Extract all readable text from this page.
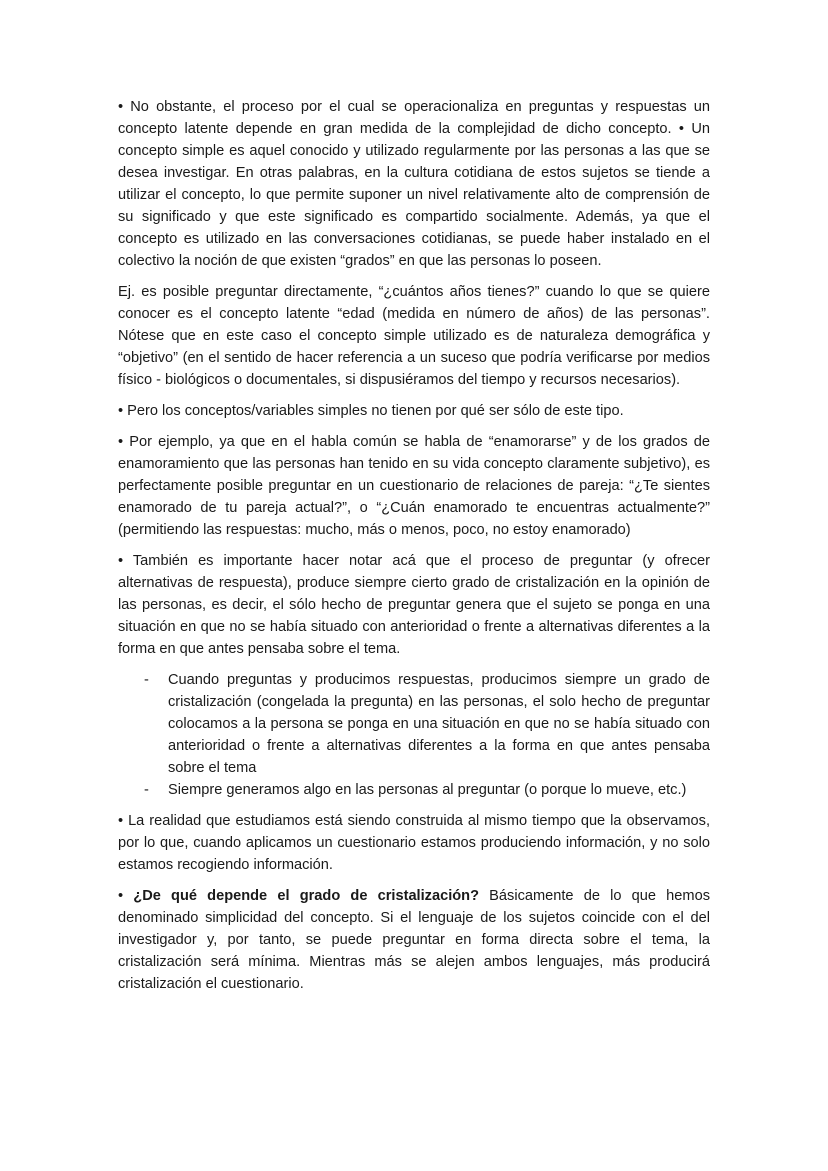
• No obstante, el proceso por el cual se operacionaliza en preguntas y respuestas un concepto latente depende en gran medida de la complejidad de dicho concepto. • Un concepto simple es aquel conocido y utilizado regularmente por las personas a las que se desea investigar. En otras palabras, en la cultura cotidiana de estos sujetos se tiende a utilizar el concepto, lo que permite suponer un nivel relativamente alto de comprensión de su significado y que este significado es compartido socialmente. Además, ya que el concepto es utilizado en las conversaciones cotidianas, se puede haber instalado en el colectivo la noción de que existen “grados” en que las personas lo poseen.

Ej. es posible preguntar directamente, “¿cuántos años tienes?” cuando lo que se quiere conocer es el concepto latente “edad (medida en número de años) de las personas”. Nótese que en este caso el concepto simple utilizado es de naturaleza demográfica y “objetivo” (en el sentido de hacer referencia a un suceso que podría verificarse por medios físico - biológicos o documentales, si dispusiéramos del tiempo y recursos necesarios).

• Pero los conceptos/variables simples no tienen por qué ser sólo de este tipo.

• Por ejemplo, ya que en el habla común se habla de “enamorarse” y de los grados de enamoramiento que las personas han tenido en su vida concepto claramente subjetivo), es perfectamente posible preguntar en un cuestionario de relaciones de pareja: “¿Te sientes enamorado de tu pareja actual?”, o “¿Cuán enamorado te encuentras actualmente?” (permitiendo las respuestas: mucho, más o menos, poco, no estoy enamorado)

• También es importante hacer notar acá que el proceso de preguntar (y ofrecer alternativas de respuesta), produce siempre cierto grado de cristalización en la opinión de las personas, es decir, el sólo hecho de preguntar genera que el sujeto se ponga en una situación en que no se había situado con anterioridad o frente a alternativas diferentes a la forma en que antes pensaba sobre el tema.

- Cuando preguntas y producimos respuestas, producimos siempre un grado de cristalización (congelada la pregunta) en las personas, el solo hecho de preguntar colocamos a la persona se ponga en una situación en que no se había situado con anterioridad o frente a alternativas diferentes a la forma en que antes pensaba sobre el tema
- Siempre generamos algo en las personas al preguntar (o porque lo mueve, etc.)

• La realidad que estudiamos está siendo construida al mismo tiempo que la observamos, por lo que, cuando aplicamos un cuestionario estamos produciendo información, y no solo estamos recogiendo información.

• ¿De qué depende el grado de cristalización? Básicamente de lo que hemos denominado simplicidad del concepto. Si el lenguaje de los sujetos coincide con el del investigador y, por tanto, se puede preguntar en forma directa sobre el tema, la cristalización será mínima. Mientras más se alejen ambos lenguajes, más producirá cristalización el cuestionario.
